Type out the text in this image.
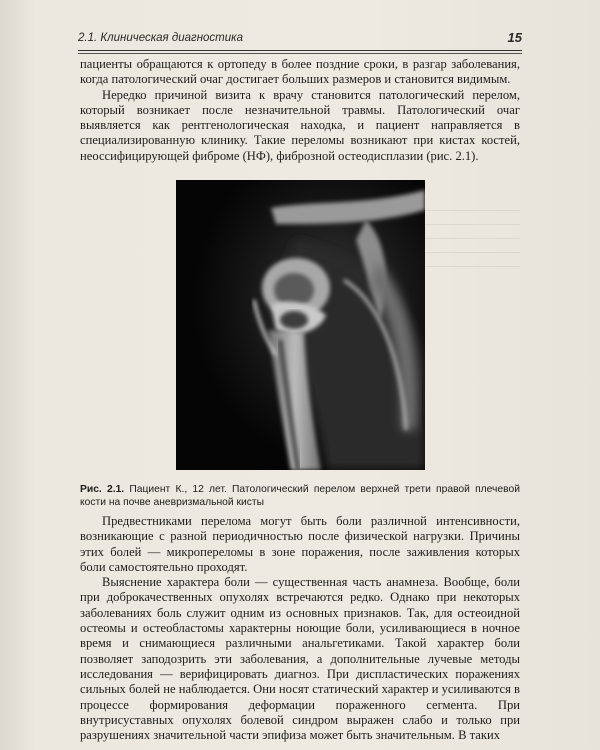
2.1. Клиническая диагностика	15

пациенты обращаются к ортопеду в более поздние сроки, в разгар заболевания, когда патологический очаг достигает больших размеров и становится видимым.

Нередко причиной визита к врачу становится патологический перелом, который возникает после незначительной травмы. Патологический очаг выявляется как рентгенологическая находка, и пациент направляется в специализированную клинику. Такие переломы возникают при кистах костей, неоссифицирующей фиброме (НФ), фиброзной остеодисплазии (рис. 2.1).

Рис. 2.1. Пациент К., 12 лет. Патологический перелом верхней трети правой плечевой кости на почве аневризмальной кисты

Предвестниками перелома могут быть боли различной интенсивности, возникающие с разной периодичностью после физической нагрузки. Причины этих болей — микропереломы в зоне поражения, после заживления которых боли самостоятельно проходят.

Выяснение характера боли — существенная часть анамнеза. Вообще, боли при доброкачественных опухолях встречаются редко. Однако при некоторых заболеваниях боль служит одним из основных признаков. Так, для остеоидной остеомы и остеобластомы характерны ноющие боли, усиливающиеся в ночное время и снимающиеся различными анальгетиками. Такой характер боли позволяет заподозрить эти заболевания, а дополнительные лучевые методы исследования — верифицировать диагноз. При диспластических поражениях сильных болей не наблюдается. Они носят статический характер и усиливаются в процессе формирования деформации пораженного сегмента. При внутрисуставных опухолях болевой синдром выражен слабо и только при разрушениях значительной части эпифиза может быть значительным. В таких
